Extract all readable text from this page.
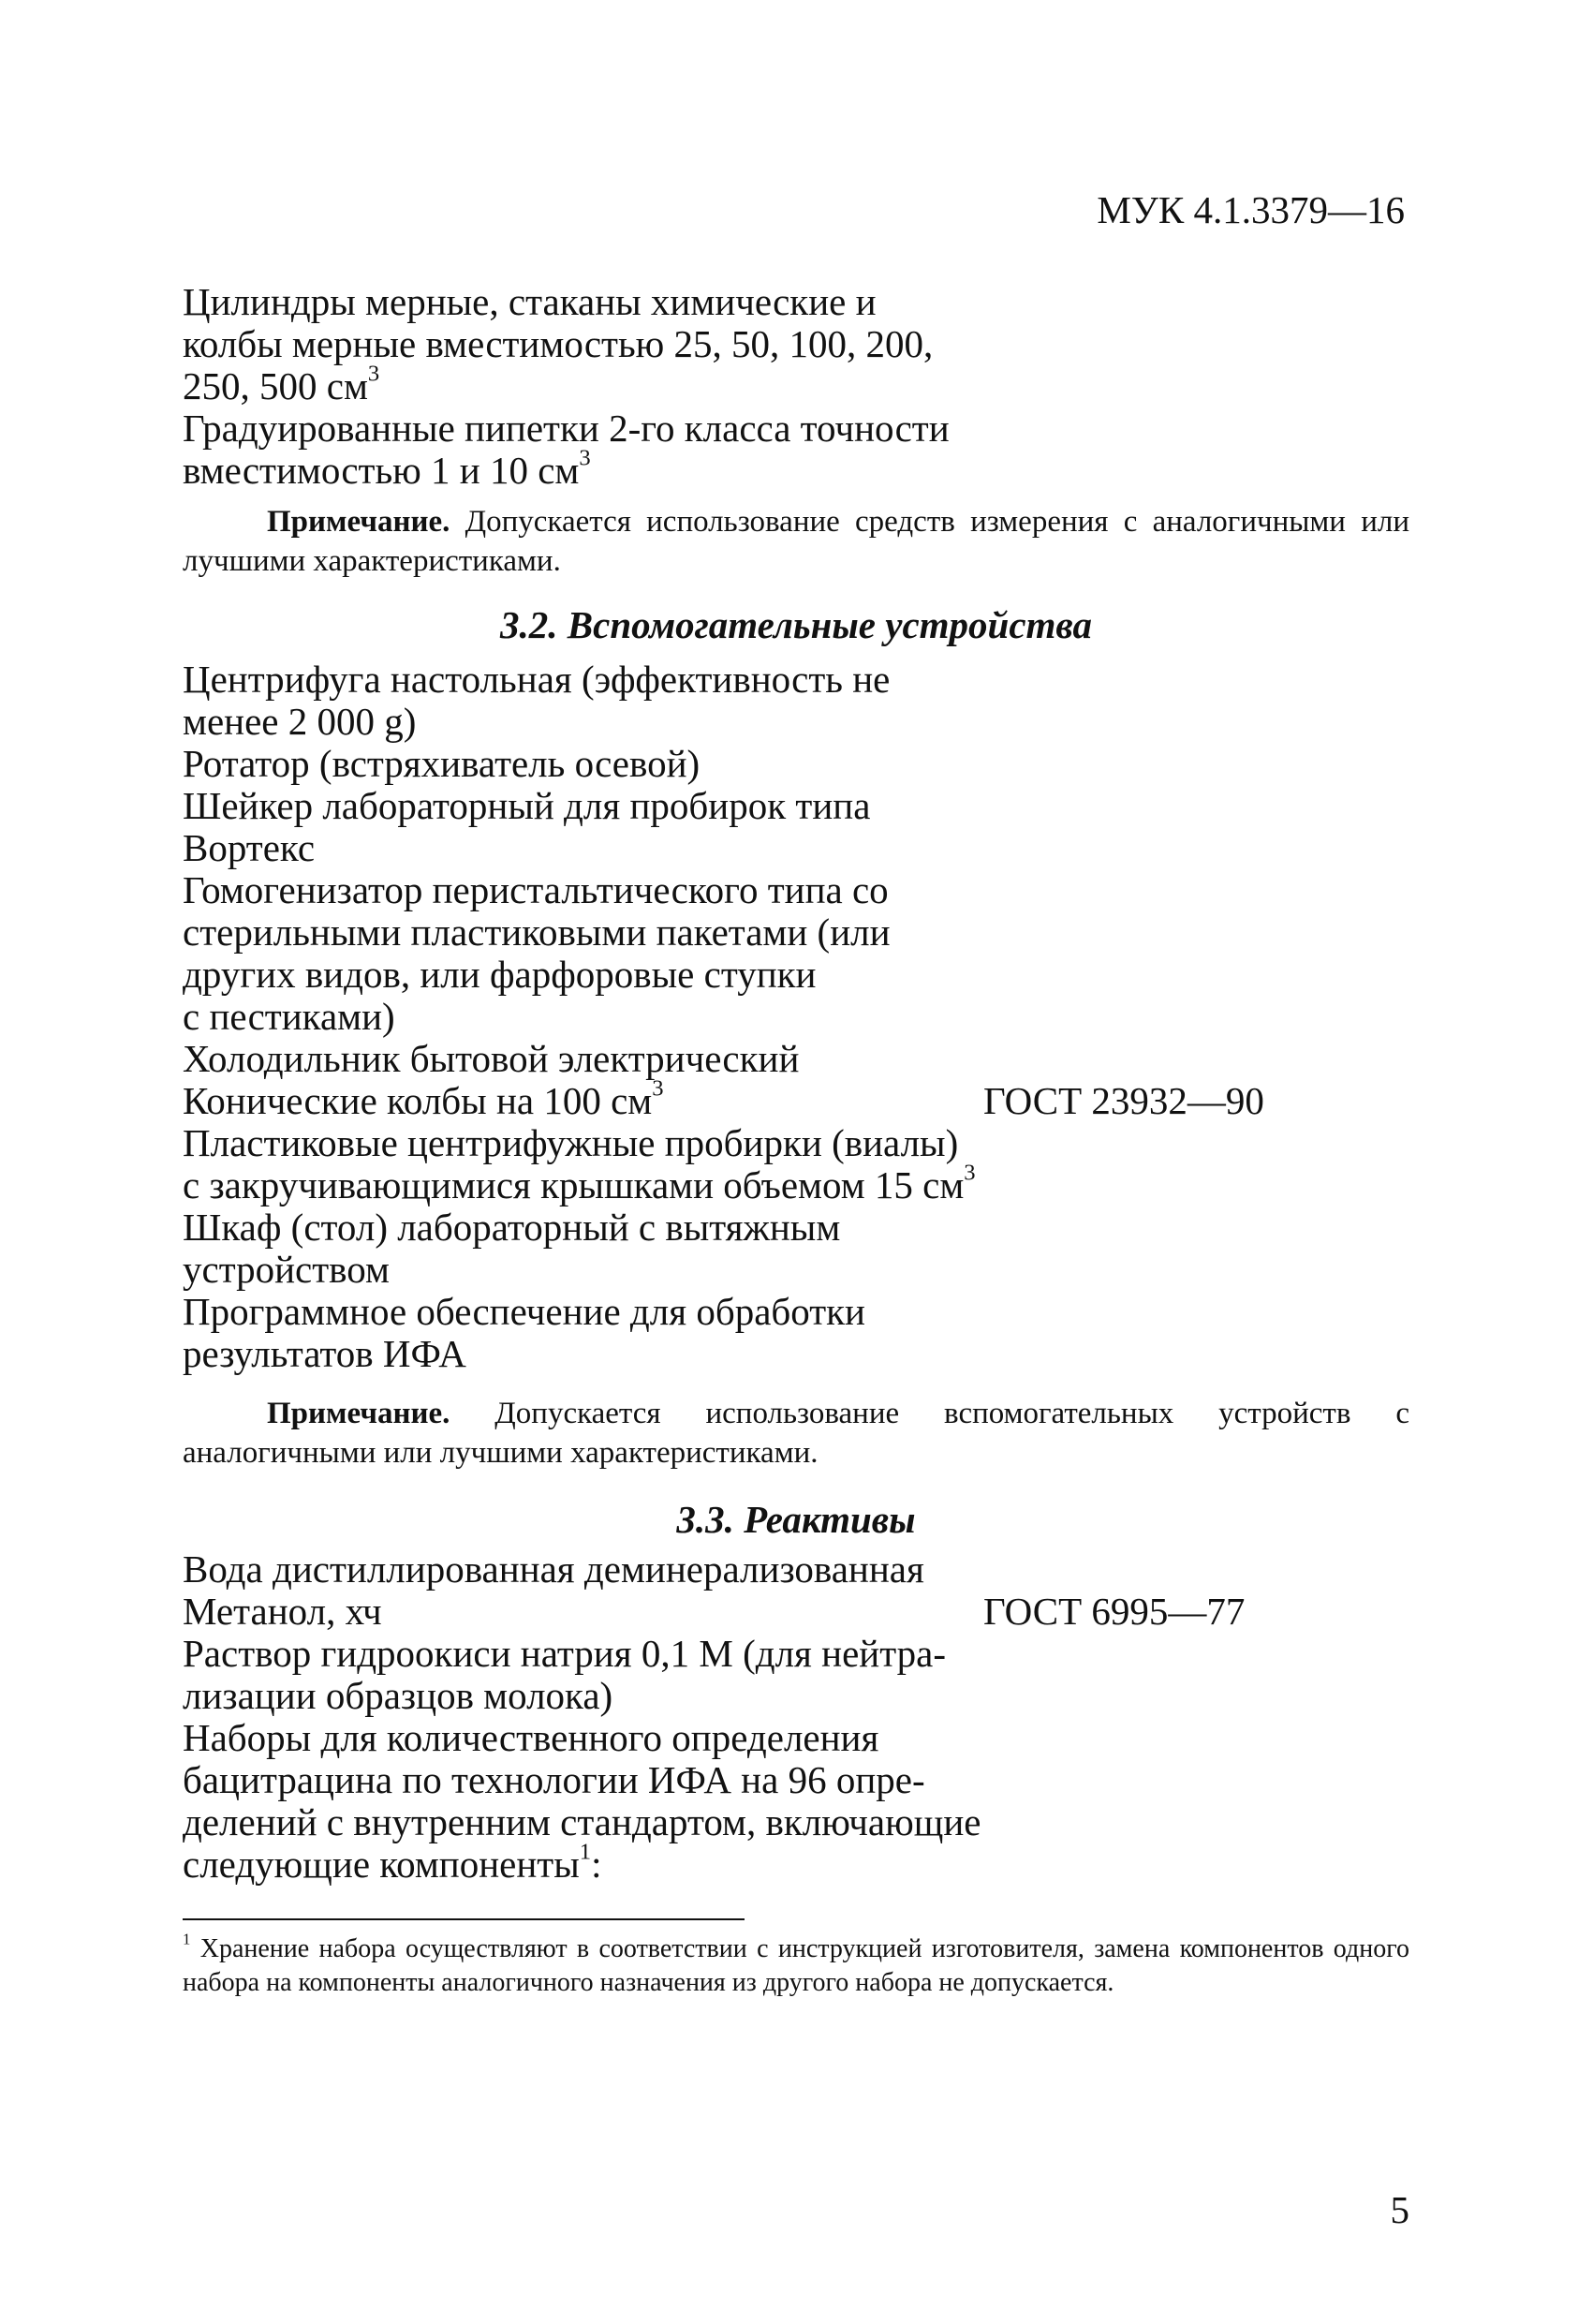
МУК 4.1.3379—16
Цилиндры мерные, стаканы химические и
колбы мерные вместимостью 25, 50, 100, 200,
250, 500 $см^3$
Градуированные пипетки 2-го класса точности
вместимостью 1 и 10 $см^3$
Примечание. Допускается использование средств измерения с аналогичными или лучшими характеристиками.
3.2. Вспомогательные устройства
Центрифуга настольная (эффективность не
менее 2 000 g)
Ротатор (встряхиватель осевой)
Шейкер лабораторный для пробирок типа
Вортекс
Гомогенизатор перистальтического типа со
стерильными пластиковыми пакетами (или
других видов, или фарфоровые ступки
с пестиками)
Холодильник бытовой электрический
Конические колбы на 100 $см^3$	ГОСТ 23932—90
Пластиковые центрифужные пробирки (виалы)
с закручивающимися крышками объемом 15 $см^3$
Шкаф (стол) лабораторный с вытяжным
устройством
Программное обеспечение для обработки
результатов ИФА
Примечание. Допускается использование вспомогательных устройств с аналогичными или лучшими характеристиками.
3.3. Реактивы
Вода дистиллированная деминерализованная
Метанол, хч	ГОСТ 6995—77
Раствор гидроокиси натрия 0,1 М (для нейтра-
лизации образцов молока)
Наборы для количественного определения
бацитрацина по технологии ИФА на 96 опре-
делений с внутренним стандартом, включающие
следующие компоненты$^1$:
$^1$ Хранение набора осуществляют в соответствии с инструкцией изготовителя, замена компонентов одного набора на компоненты аналогичного назначения из другого набора не допускается.
5
